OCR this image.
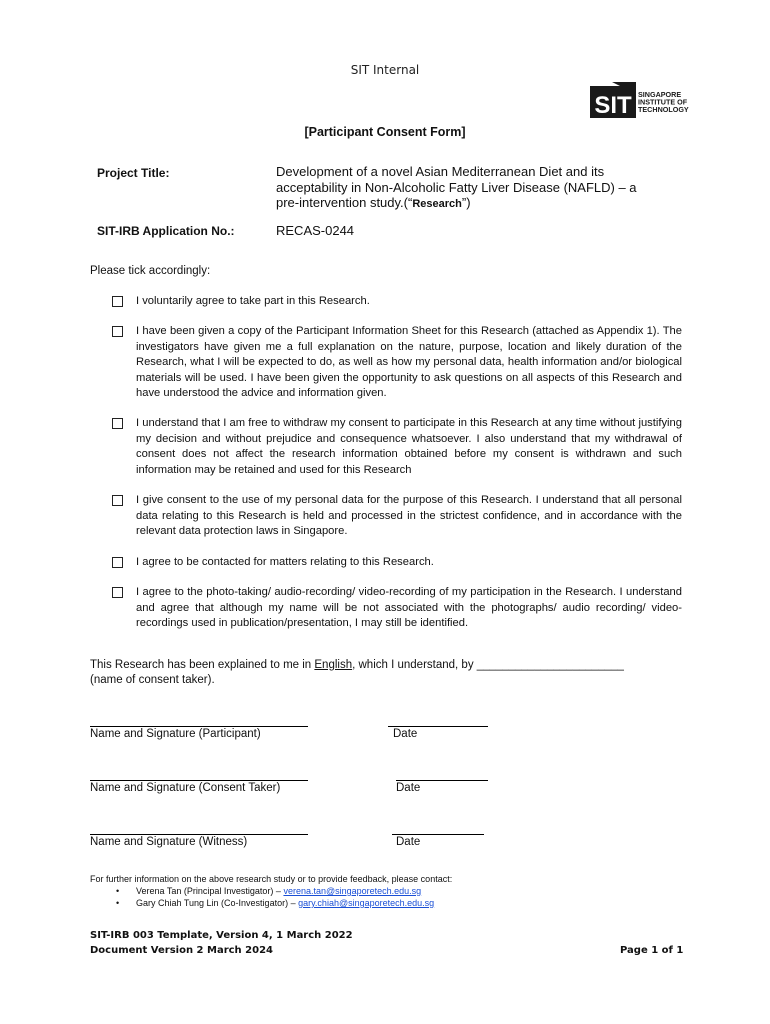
SIT Internal
SIT SINGAPORE
INSTITUTE OF
TECHNOLOGY
[Participant Consent Form]
Project Title:	Development of a novel Asian Mediterranean Diet and its acceptability in Non-Alcoholic Fatty Liver Disease (NAFLD) – a pre-intervention study.(“Research”)
SIT-IRB Application No.:	RECAS-0244
Please tick accordingly:
I voluntarily agree to take part in this Research.
I have been given a copy of the Participant Information Sheet for this Research (attached as Appendix 1). The investigators have given me a full explanation on the nature, purpose, location and likely duration of the Research, what I will be expected to do, as well as how my personal data, health information and/or biological materials will be used. I have been given the opportunity to ask questions on all aspects of this Research and have understood the advice and information given.
I understand that I am free to withdraw my consent to participate in this Research at any time without justifying my decision and without prejudice and consequence whatsoever. I also understand that my withdrawal of consent does not affect the research information obtained before my consent is withdrawn and such information may be retained and used for this Research
I give consent to the use of my personal data for the purpose of this Research. I understand that all personal data relating to this Research is held and processed in the strictest confidence, and in accordance with the relevant data protection laws in Singapore.
I agree to be contacted for matters relating to this Research.
I agree to the photo-taking/ audio-recording/ video-recording of my participation in the Research. I understand and agree that although my name will be not associated with the photographs/ audio recording/ video-recordings used in publication/presentation, I may still be identified.
This Research has been explained to me in English, which I understand, by _______________________
(name of consent taker).
Name and Signature (Participant)	Date
Name and Signature (Consent Taker)	Date
Name and Signature (Witness)	Date
For further information on the above research study or to provide feedback, please contact:
•	Verena Tan (Principal Investigator) –
verena.tan@singaporetech.edu.sg
•	Gary Chiah Tung Lin (Co-Investigator) –
gary.chiah@singaporetech.edu.sg
SIT-IRB 003 Template, Version 4, 1 March 2022
Document Version 2 March 2024	Page 1 of 1
